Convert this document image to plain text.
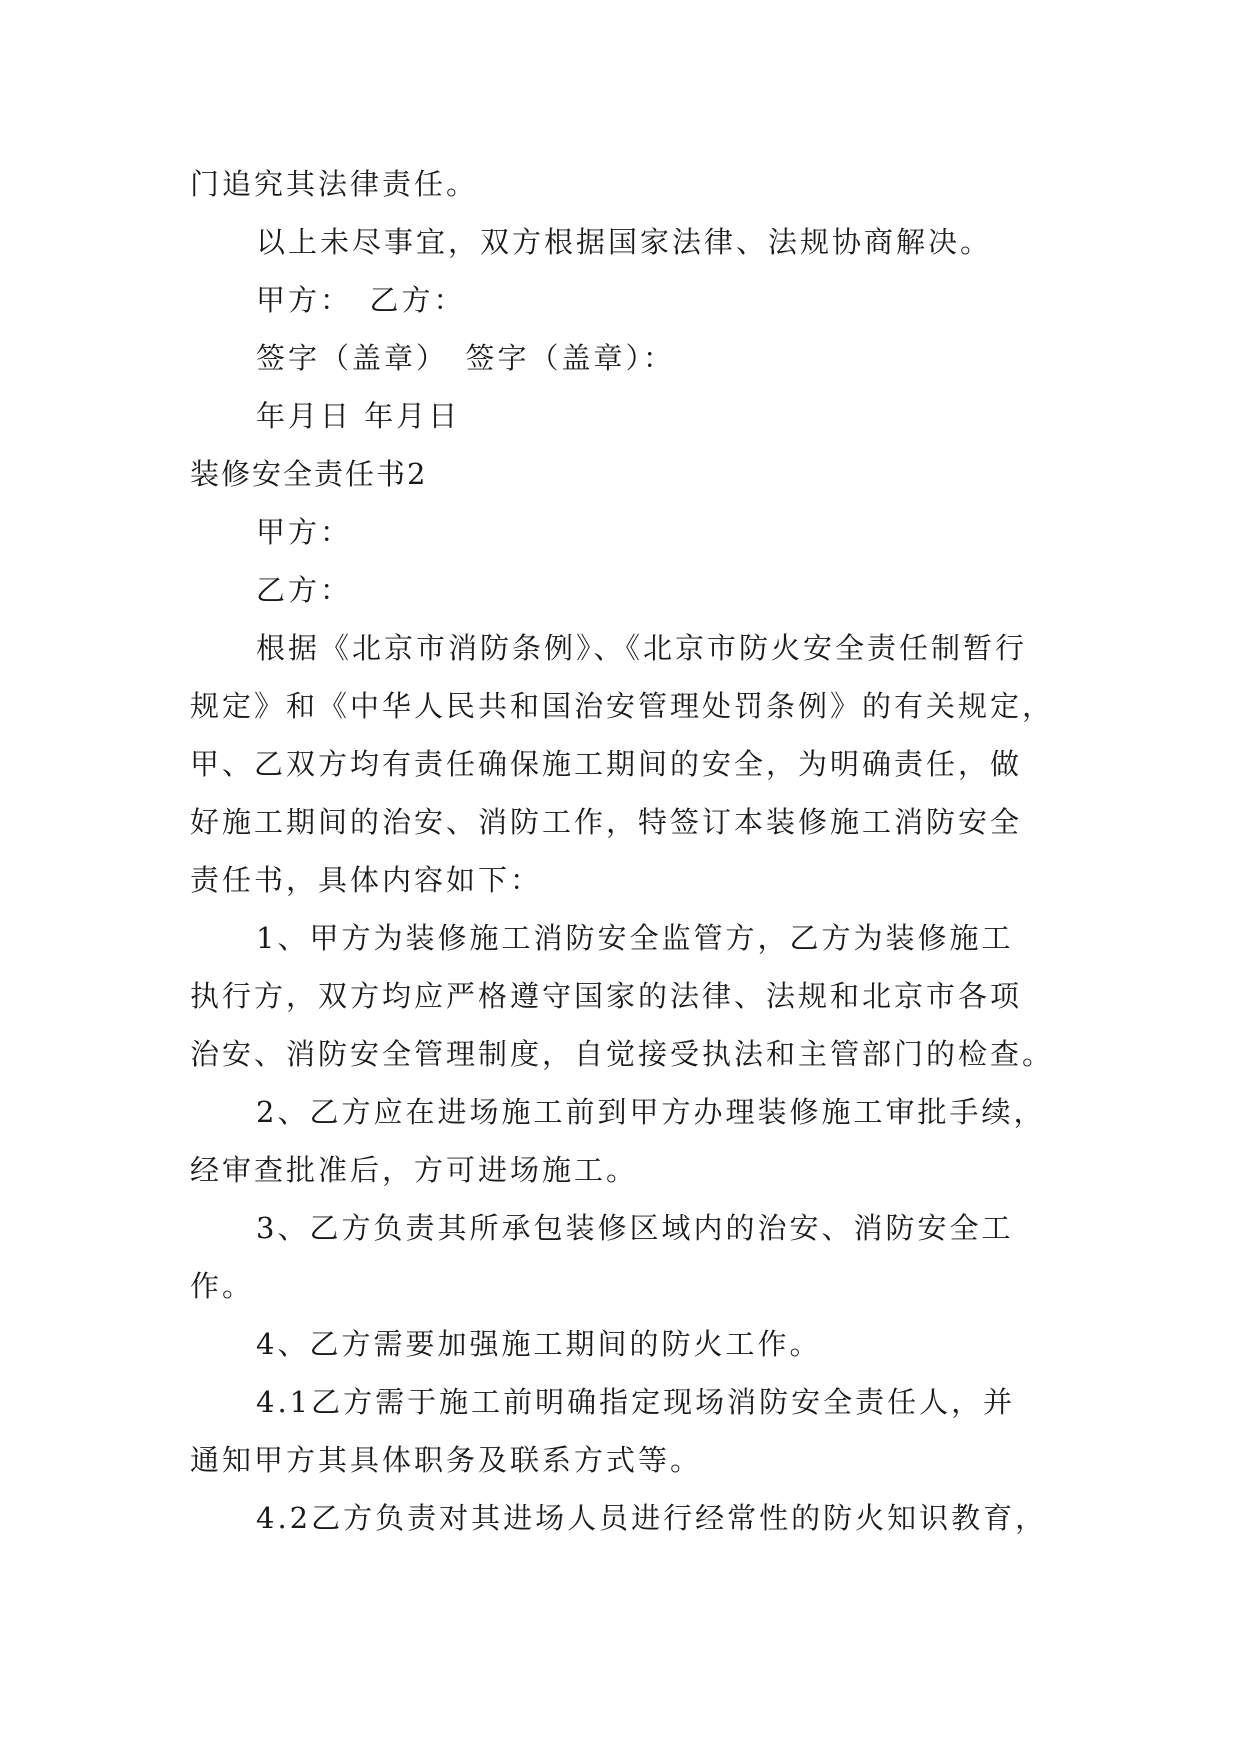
门追究其法律责任。
以上未尽事宜，双方根据国家法律、法规协商解决。
甲方：　乙方：
签字（盖章）　签字（盖章）：
年月日 年月日
装修安全责任书2
甲方：
乙方：
根据《北京市消防条例》、《北京市防火安全责任制暂行
规定》和《中华人民共和国治安管理处罚条例》的有关规定，
甲、乙双方均有责任确保施工期间的安全，为明确责任，做
好施工期间的治安、消防工作，特签订本装修施工消防安全
责任书，具体内容如下：
1、甲方为装修施工消防安全监管方，乙方为装修施工
执行方，双方均应严格遵守国家的法律、法规和北京市各项
治安、消防安全管理制度，自觉接受执法和主管部门的检查。
2、乙方应在进场施工前到甲方办理装修施工审批手续，
经审查批准后，方可进场施工。
3、乙方负责其所承包装修区域内的治安、消防安全工
作。
4、乙方需要加强施工期间的防火工作。
4.1乙方需于施工前明确指定现场消防安全责任人，并
通知甲方其具体职务及联系方式等。
4.2乙方负责对其进场人员进行经常性的防火知识教育，
